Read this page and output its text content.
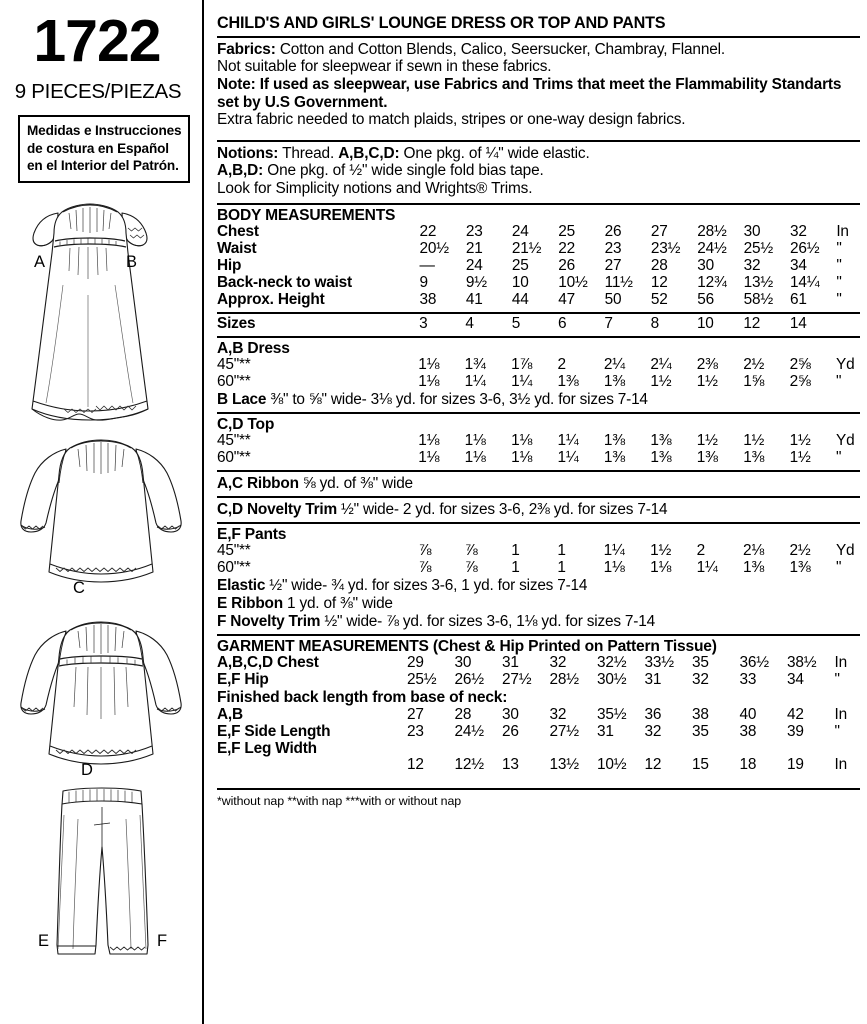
1722
9 PIECES/PIEZAS
Medidas e Instrucciones de costura en Español en el Interior del Patrón.
A	B
C
D
E	F
CHILD'S AND GIRLS' LOUNGE DRESS OR TOP AND PANTS

Fabrics: Cotton and Cotton Blends, Calico, Seersucker, Chambray, Flannel.

Not suitable for sleepwear if sewn in these fabrics.

Note: If used as sleepwear, use Fabrics and Trims that meet the Flammability Standarts set by U.S Government.

Extra fabric needed to match plaids, stripes or one-way design fabrics.

Notions: Thread. A,B,C,D: One pkg. of ¼" wide elastic.

A,B,D: One pkg. of ½" wide single fold bias tape.

Look for Simplicity notions and Wrights® Trims.

BODY MEASUREMENTS
Chest	22	23	24	25	26	27	28½	30	32	In
Waist	20½	21	21½	22	23	23½	24½	25½	26½	"
Hip	—	24	25	26	27	28	30	32	34	"
Back-neck to waist	9	9½	10	10½	11½	12	12¾	13½	14¼	"
Approx. Height	38	41	44	47	50	52	56	58½	61	"
Sizes	3	4	5	6	7	8	10	12	14	
A,B Dress
45"**	1⅛	1¾	1⅞	2	2¼	2¼	2⅜	2½	2⅝	Yd
60"**	1⅛	1¼	1¼	1⅜	1⅜	1½	1½	1⅝	2⅝	"
B Lace ⅜" to ⅝" wide- 3⅛ yd. for sizes 3-6, 3½ yd. for sizes 7-14
C,D Top
45"**	1⅛	1⅛	1⅛	1¼	1⅜	1⅜	1½	1½	1½	Yd
60"**	1⅛	1⅛	1⅛	1¼	1⅜	1⅜	1⅜	1⅜	1½	"
A,C Ribbon ⅝ yd. of ⅜" wide
C,D Novelty Trim ½" wide- 2 yd. for sizes 3-6, 2⅜ yd. for sizes 7-14
E,F Pants
45"**	⅞	⅞	1	1	1¼	1½	2	2⅛	2½	Yd
60"**	⅞	⅞	1	1	1⅛	1⅛	1¼	1⅜	1⅜	"
Elastic ½" wide- ¾ yd. for sizes 3-6, 1 yd. for sizes 7-14
E Ribbon 1 yd. of ⅜" wide
F Novelty Trim ½" wide- ⅞ yd. for sizes 3-6, 1⅛ yd. for sizes 7-14
GARMENT MEASUREMENTS (Chest & Hip Printed on Pattern Tissue)
A,B,C,D Chest	29	30	31	32	32½	33½	35	36½	38½	In
E,F Hip	25½	26½	27½	28½	30½	31	32	33	34	"
Finished back length from base of neck:
A,B	27	28	30	32	35½	36	38	40	42	In
E,F Side Length	23	24½	26	27½	31	32	35	38	39	"
E,F Leg Width										
	12	12½	13	13½	10½	12	15	18	19	In
*without nap **with nap ***with or without nap
